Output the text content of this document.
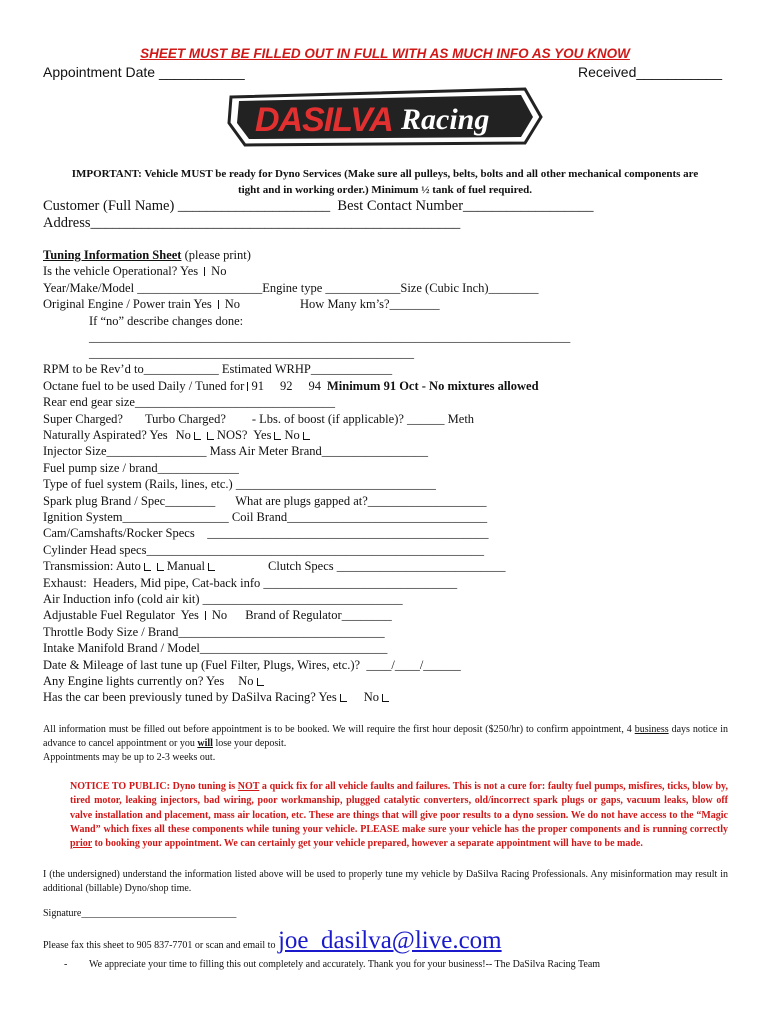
SHEET MUST BE FILLED OUT IN FULL WITH AS MUCH INFO AS YOU KNOW
Appointment Date ___________	Received___________
DASILVA Racing
IMPORTANT: Vehicle MUST be ready for Dyno Services (Make sure all pulleys, belts, bolts and all other mechanical components are tight and in working order.) Minimum ½ tank of fuel required.
Customer (Full Name) _____________________  Best Contact Number__________________
Address___________________________________________________
Tuning Information Sheet (please print)
Is the vehicle Operational? Yes No
Year/Make/Model ____________________Engine type ____________Size (Cubic Inch)________
Original Engine / Power train Yes No	How Many km’s?________
If “no” describe changes done:
_____________________________________________________________________________
____________________________________________________
RPM to be Rev’d to____________ Estimated WRHP_____________
Octane fuel to be used Daily / Tuned for 91 92 94 Minimum 91 Oct - No mixtures allowed
Rear end gear size________________________________
Super Charged? Turbo Charged? - Lbs. of boost (if applicable)? ______ Meth
Naturally Aspirated? Yes No NOS?  Yes No
Injector Size________________ Mass Air Meter Brand_________________
Fuel pump size / brand_____________
Type of fuel system (Rails, lines, etc.) ________________________________
Spark plug Brand / Spec________ What are plugs gapped at?___________________
Ignition System_________________ Coil Brand________________________________
Cam/Camshafts/Rocker Specs    _____________________________________________
Cylinder Head specs______________________________________________________
Transmission: Auto Manual	Clutch Specs ___________________________
Exhaust:  Headers, Mid pipe, Cat-back info _______________________________
Air Induction info (cold air kit) ________________________________
Adjustable Fuel Regulator  Yes No Brand of Regulator________
Throttle Body Size / Brand_________________________________
Intake Manifold Brand / Model______________________________
Date & Mileage of last tune up (Fuel Filter, Plugs, Wires, etc.)?  ____/____/______
Any Engine lights currently on? Yes No
Has the car been previously tuned by DaSilva Racing? Yes No
All information must be filled out before appointment is to be booked. We will require the first hour deposit ($250/hr) to confirm appointment, 4 business days notice in advance to cancel appointment or you will lose your deposit.
Appointments may be up to 2-3 weeks out.
NOTICE TO PUBLIC: Dyno tuning is NOT a quick fix for all vehicle faults and failures. This is not a cure for: faulty fuel pumps, misfires, ticks, blow by, tired motor, leaking injectors, bad wiring, poor workmanship, plugged catalytic converters, old/incorrect spark plugs or gaps, vacuum leaks, blow off valve installation and placement, mass air location, etc. These are things that will give poor results to a dyno session. We do not have access to the “Magic Wand” which fixes all these components while tuning your vehicle. PLEASE make sure your vehicle has the proper components and is running correctly prior to booking your appointment. We can certainly get your vehicle prepared, however a separate appointment will have to be made.
I (the undersigned) understand the information listed above will be used to properly tune my vehicle by DaSilva Racing Professionals. Any misinformation may result in additional (billable) Dyno/shop time.
Signature_______________________________
Please fax this sheet to 905 837-7701 or scan and email to joe_dasilva@live.com
-	We appreciate your time to filling this out completely and accurately. Thank you for your business!-- The DaSilva Racing Team
